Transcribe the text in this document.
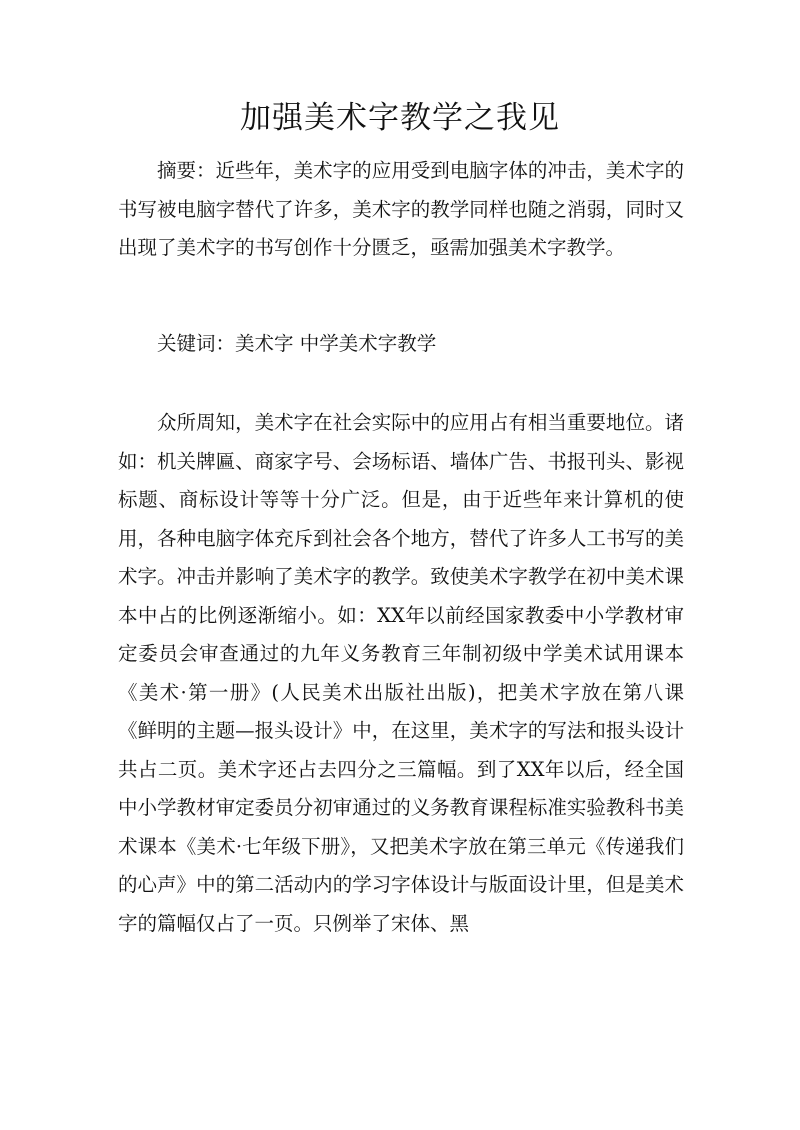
加强美术字教学之我见

摘要：近些年，美术字的应用受到电脑字体的冲击，美术字的书写被电脑字替代了许多，美术字的教学同样也随之消弱，同时又出现了美术字的书写创作十分匮乏，亟需加强美术字教学。

关键词：美术字 中学美术字教学

众所周知，美术字在社会实际中的应用占有相当重要地位。诸如：机关牌匾、商家字号、会场标语、墙体广告、书报刊头、影视标题、商标设计等等十分广泛。但是，由于近些年来计算机的使用，各种电脑字体充斥到社会各个地方，替代了许多人工书写的美术字。冲击并影响了美术字的教学。致使美术字教学在初中美术课本中占的比例逐渐缩小。如：XX年以前经国家教委中小学教材审定委员会审查通过的九年义务教育三年制初级中学美术试用课本《美术·第一册》(人民美术出版社出版)，把美术字放在第八课《鲜明的主题—报头设计》中，在这里，美术字的写法和报头设计共占二页。美术字还占去四分之三篇幅。到了XX年以后，经全国中小学教材审定委员分初审通过的义务教育课程标准实验教科书美术课本《美术·七年级下册》，又把美术字放在第三单元《传递我们的心声》中的第二活动内的学习字体设计与版面设计里，但是美术字的篇幅仅占了一页。只例举了宋体、黑
